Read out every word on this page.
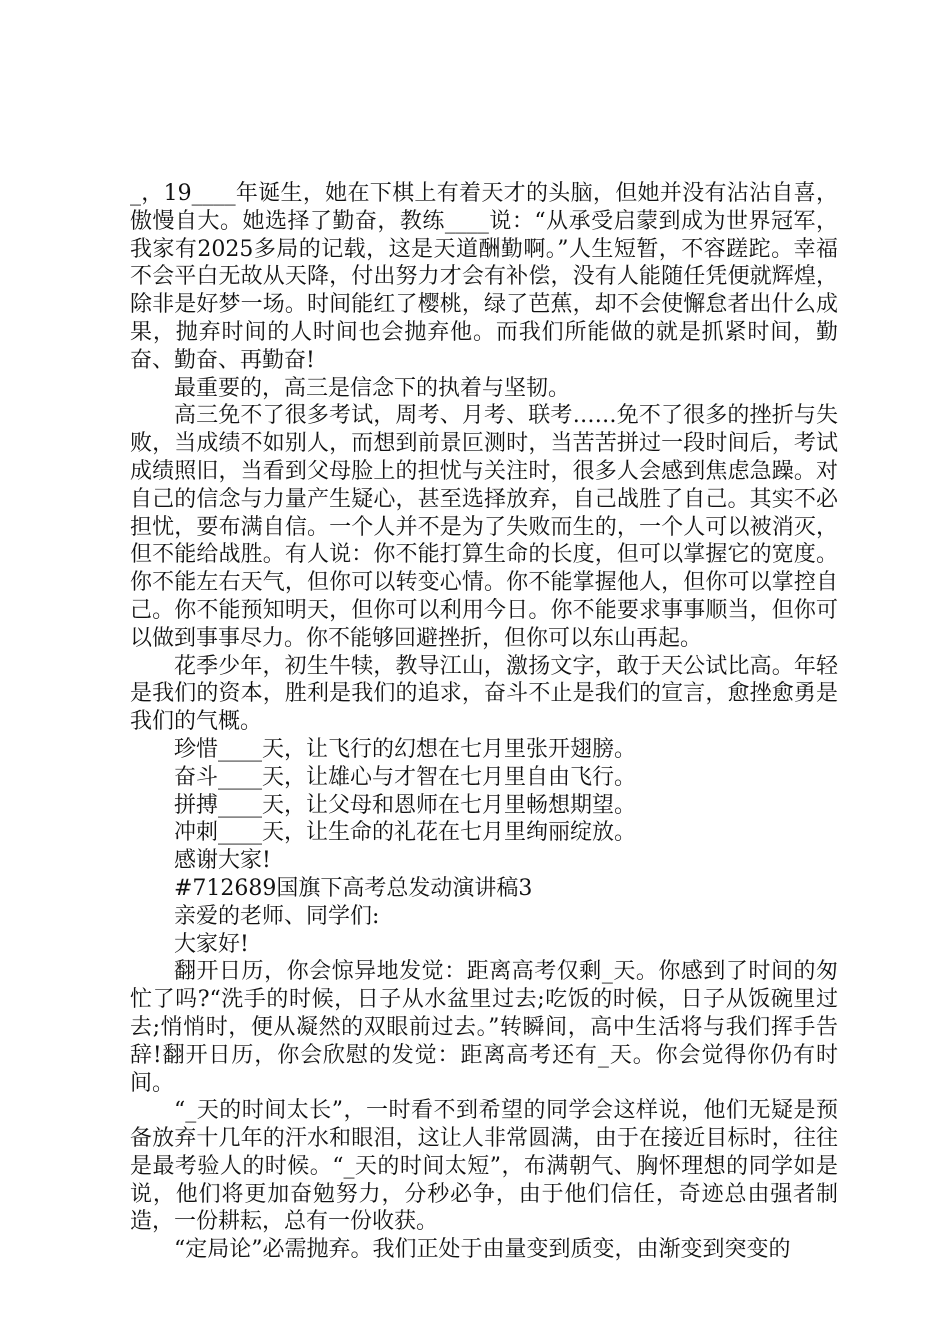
_，19____年诞生，她在下棋上有着天才的头脑，但她并没有沾沾自喜，傲慢自大。她选择了勤奋，教练____说：“从承受启蒙到成为世界冠军，我家有2025多局的记载，这是天道酬勤啊。”人生短暂，不容蹉跎。幸福不会平白无故从天降，付出努力才会有补偿，没有人能随任凭便就辉煌，除非是好梦一场。时间能红了樱桃，绿了芭蕉，却不会使懈怠者出什么成果，抛弃时间的人时间也会抛弃他。而我们所能做的就是抓紧时间，勤奋、勤奋、再勤奋!

最重要的，高三是信念下的执着与坚韧。

高三免不了很多考试，周考、月考、联考……免不了很多的挫折与失败，当成绩不如别人，而想到前景叵测时，当苦苦拼过一段时间后，考试成绩照旧，当看到父母脸上的担忧与关注时，很多人会感到焦虑急躁。对自己的信念与力量产生疑心，甚至选择放弃，自己战胜了自己。其实不必担忧，要布满自信。一个人并不是为了失败而生的，一个人可以被消灭，但不能给战胜。有人说：你不能打算生命的长度，但可以掌握它的宽度。你不能左右天气，但你可以转变心情。你不能掌握他人，但你可以掌控自己。你不能预知明天，但你可以利用今日。你不能要求事事顺当，但你可以做到事事尽力。你不能够回避挫折，但你可以东山再起。

花季少年，初生牛犊，教导江山，激扬文字，敢于天公试比高。年轻是我们的资本，胜利是我们的追求，奋斗不止是我们的宣言，愈挫愈勇是我们的气概。

珍惜____天，让飞行的幻想在七月里张开翅膀。

奋斗____天，让雄心与才智在七月里自由飞行。

拼搏____天，让父母和恩师在七月里畅想期望。

冲刺____天，让生命的礼花在七月里绚丽绽放。

感谢大家!

#712689国旗下高考总发动演讲稿3

亲爱的老师、同学们:

大家好!

翻开日历，你会惊异地发觉：距离高考仅剩_天。你感到了时间的匆忙了吗?“洗手的时候，日子从水盆里过去;吃饭的时候，日子从饭碗里过去;悄悄时，便从凝然的双眼前过去。”转瞬间，高中生活将与我们挥手告辞!翻开日历，你会欣慰的发觉：距离高考还有_天。你会觉得你仍有时间。

“_天的时间太长”，一时看不到希望的同学会这样说，他们无疑是预备放弃十几年的汗水和眼泪，这让人非常圆满，由于在接近目标时，往往是最考验人的时候。“_天的时间太短”，布满朝气、胸怀理想的同学如是说，他们将更加奋勉努力，分秒必争，由于他们信任，奇迹总由强者制造，一份耕耘，总有一份收获。

“定局论”必需抛弃。我们正处于由量变到质变，由渐变到突变的
